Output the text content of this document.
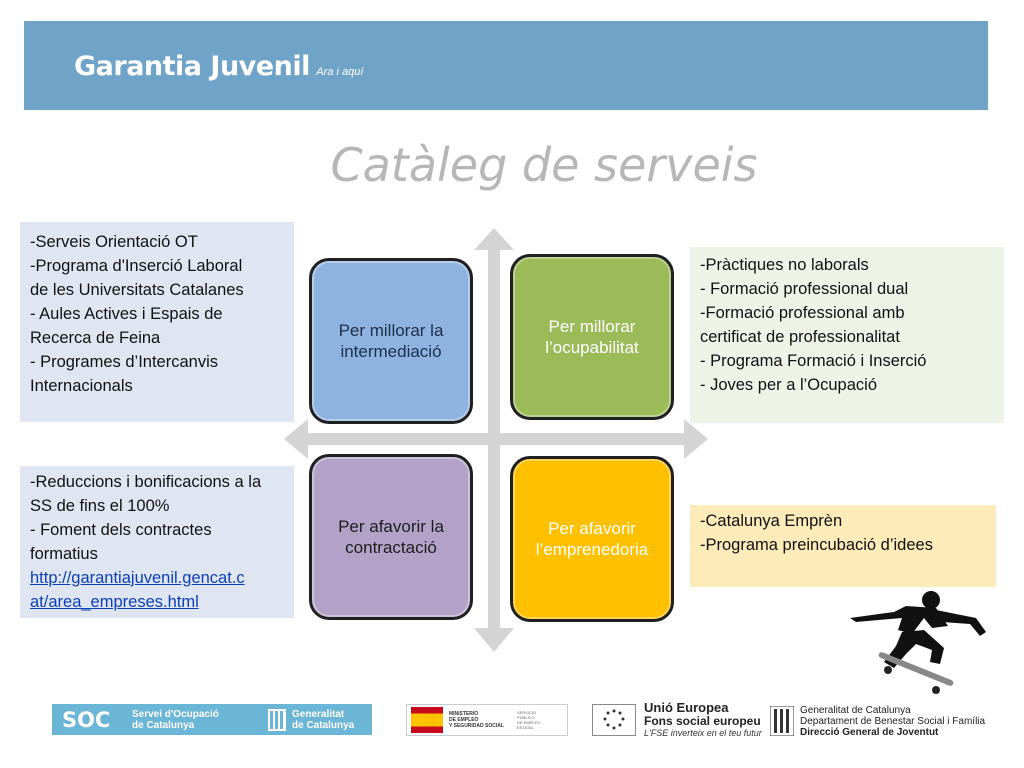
Garantia Juvenil Ara i aquí
Catàleg de serveis
-Serveis Orientació OT
-Programa d'Inserció Laboral
de les Universitats Catalanes
- Aules Actives i Espais de
Recerca de Feina
- Programes d’Intercanvis
Internacionals
-Reduccions i bonificacions a la
SS de fins el 100%
- Foment dels contractes
formatius
http://garantiajuvenil.gencat.c
at/area_empreses.html
-Pràctiques no laborals
- Formació professional dual
-Formació professional amb
certificat de professionalitat
- Programa Formació i Inserció
- Joves per a l’Ocupació
-Catalunya Emprèn
-Programa preincubació d’idees
Per millorar la intermediació
Per millorar l’ocupabilitat
Per afavorir la contractació
Per afavorir l’emprenedoria
SOC	Servei d'Ocupació
de Catalunya
Generalitat
de Catalunya
MINISTERIO
DE EMPLEO
Y SEGURIDAD SOCIAL
SERVICIO PÚBLICO
DE EMPLEO ESTATAL
Unió Europea
Fons social europeu
L'FSE inverteix en el teu futur
Generalitat de Catalunya
Departament de Benestar Social i Família
Direcció General de Joventut
